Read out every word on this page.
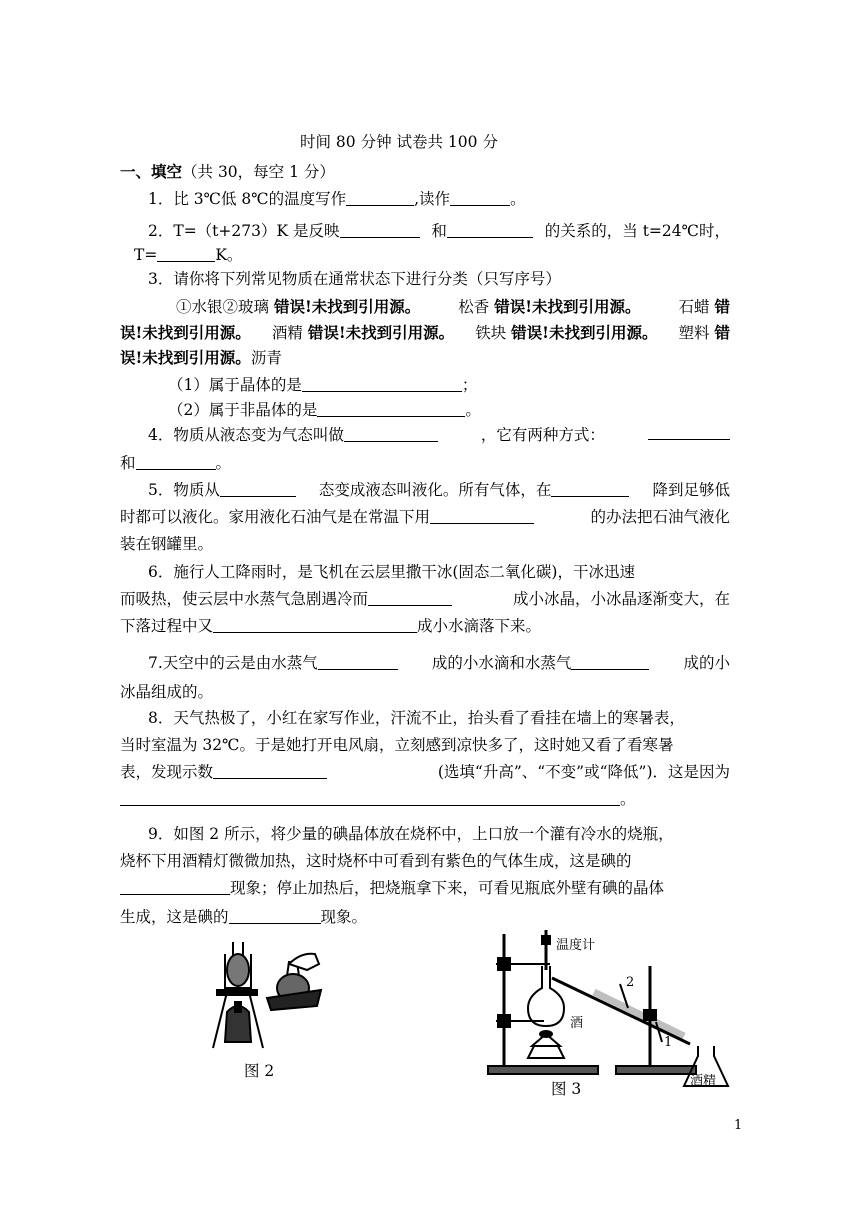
时间 80 分钟 试卷共 100 分
一、填空（共 30，每空 1 分）
1．比 3℃低 8℃的温度写作	,读作	。
2．T=（t+273）K 是反映	和	的关系的，当 t=24℃时，
T=	K。
3．请你将下列常见物质在通常状态下进行分类（只写序号）
①水银②玻璃 错误!未找到引用源。 松香 错误!未找到引用源。 石蜡 错
误!未找到引用源。 酒精 错误!未找到引用源。 铁块 错误!未找到引用源。 塑料 错
误!未找到引用源。沥青
（1）属于晶体的是	；
（2）属于非晶体的是	。
4．物质从液态变为气态叫做	，它有两种方式：
和	。
5．物质从	态变成液态叫液化。所有气体，在	降到足够低
时都可以液化。家用液化石油气是在常温下用	的办法把石油气液化
装在钢罐里。
6．施行人工降雨时，是飞机在云层里撒干冰(固态二氧化碳)，干冰迅速
而吸热，使云层中水蒸气急剧遇冷而	成小冰晶，小冰晶逐渐变大，在
下落过程中又	成小水滴落下来。
7.天空中的云是由水蒸气	成的小水滴和水蒸气	成的小
冰晶组成的。
8．天气热极了，小红在家写作业，汗流不止，抬头看了看挂在墙上的寒暑表，
当时室温为 32℃。于是她打开电风扇，立刻感到凉快多了，这时她又看了看寒暑
表，发现示数	(选填“升高”、“不变”或“降低”)．这是因为
。
9．如图 2 所示，将少量的碘晶体放在烧杯中，上口放一个灌有冷水的烧瓶，
烧杯下用酒精灯微微加热，这时烧杯中可看到有紫色的气体生成，这是碘的
现象；停止加热后，把烧瓶拿下来，可看见瓶底外壁有碘的晶体
生成，这是碘的	现象。
图 2
温度计
2
酒
1
酒精
图 3
1
